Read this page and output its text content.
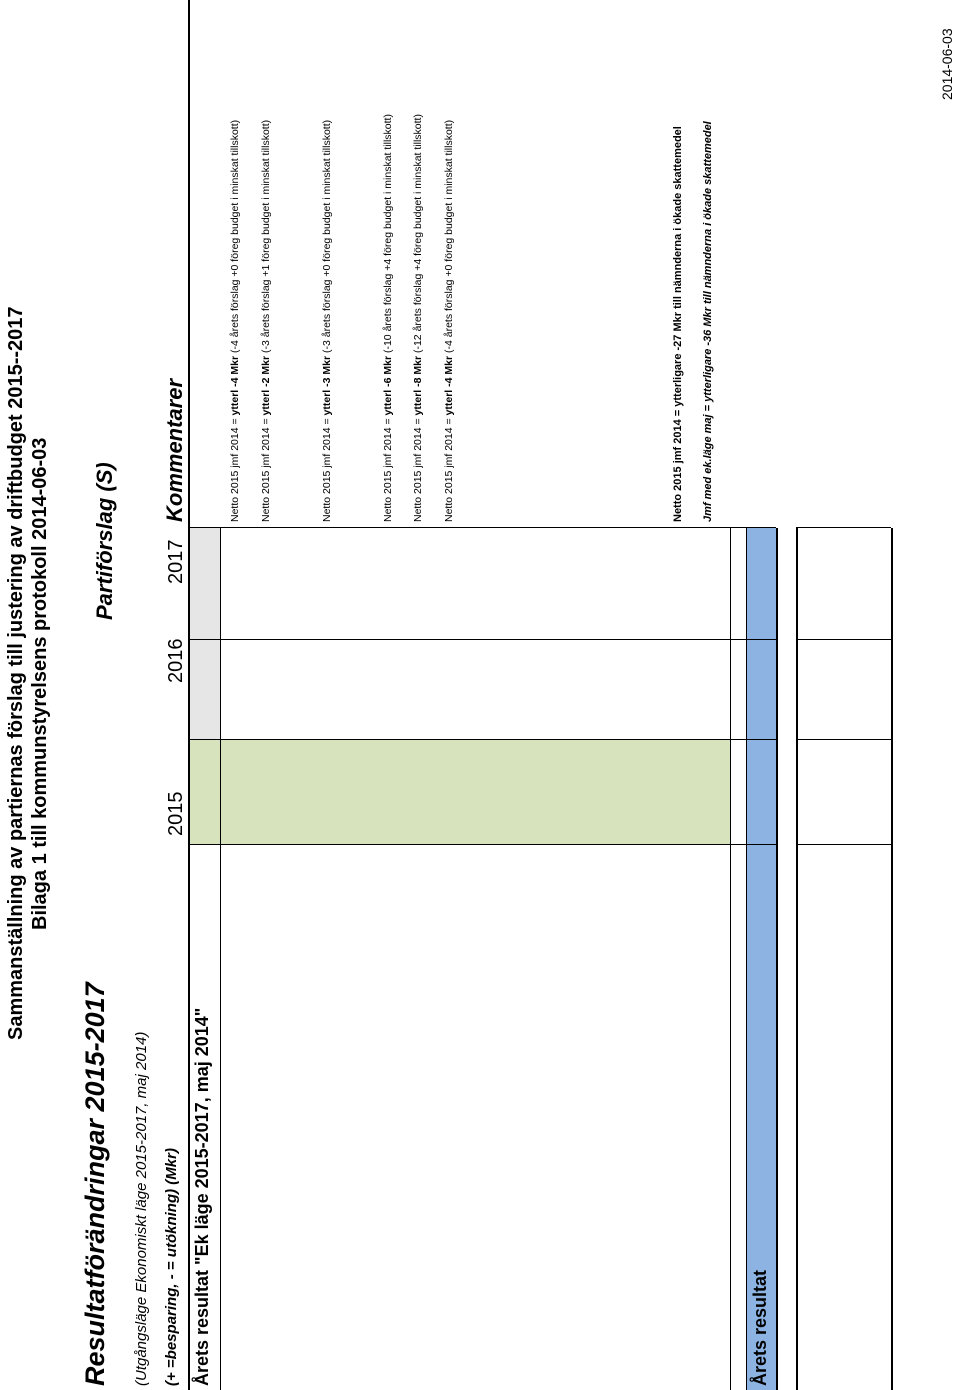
Sammanställning av partiernas förslag till justering av driftbudget 2015--2017 Bilaga 1 till kommunstyrelsens protokoll 2014-06-03
2014-06-03
Resultatförändringar 2015-2017 (Utgångsläge Ekonomiskt läge 2015-2017, maj 2014) (+ =besparing, - = utökning) (Mkr)
Partiförslag (S)
2015
2016
2017
Kommentarer
Årets resultat "Ek läge 2015-2017, maj 2014"
Netto 2015 jmf 2014 = ytterl -4 Mkr (-4 årets förslag +0 föreg budget i minskat tillskott)
Netto 2015 jmf 2014 = ytterl -2 Mkr (-3 årets förslag +1 föreg budget i minskat tillskott)
Netto 2015 jmf 2014 = ytterl -3 Mkr (-3 årets förslag +0 föreg budget i minskat tillskott)
Netto 2015 jmf 2014 = ytterl -6 Mkr (-10 årets förslag +4 föreg budget i minskat tillskott)
Netto 2015 jmf 2014 = ytterl -8 Mkr (-12 årets förslag +4 föreg budget i minskat tillskott)
Netto 2015 jmf 2014 = ytterl -4 Mkr (-4 årets förslag +0 föreg budget i minskat tillskott)	Netto 2015 jmf 2014 = ytterligare -27 Mkr till nämnderna i ökade skattemedel Jmf med ek.läge maj = ytterligare -36 Mkr till nämnderna i ökade skattemedel
Årets resultat
